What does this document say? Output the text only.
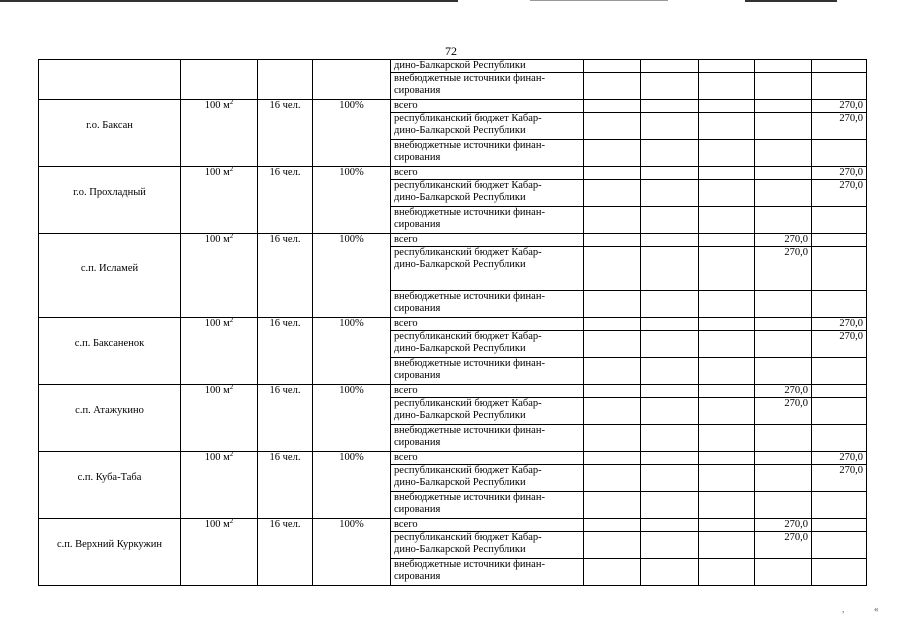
72
				дино-Балкарской Республики					
				внебюджетные источники финан-
сирования					
г.о. Баксан	100 $м^2$	16 чел.	100%	всего					270,0
				республиканский бюджет Кабар-
дино-Балкарской Республики					270,0
				внебюджетные источники финан-
сирования					
г.о. Прохладный	100 $м^2$	16 чел.	100%	всего					270,0
				республиканский бюджет Кабар-
дино-Балкарской Республики					270,0
				внебюджетные источники финан-
сирования					
с.п. Исламей	100 $м^2$	16 чел.	100%	всего				270,0	
				республиканский бюджет Кабар-
дино-Балкарской Республики				270,0	
				внебюджетные источники финан-
сирования					
с.п. Баксаненок	100 $м^2$	16 чел.	100%	всего					270,0
				республиканский бюджет Кабар-
дино-Балкарской Республики					270,0
				внебюджетные источники финан-
сирования					
с.п. Атажукино	100 $м^2$	16 чел.	100%	всего				270,0	
				республиканский бюджет Кабар-
дино-Балкарской Республики				270,0	
				внебюджетные источники финан-
сирования					
с.п. Куба-Таба	100 $м^2$	16 чел.	100%	всего					270,0
				республиканский бюджет Кабар-
дино-Балкарской Республики					270,0
				внебюджетные источники финан-
сирования					
с.п. Верхний Куркужин	100 $м^2$	16 чел.	100%	всего				270,0	
				республиканский бюджет Кабар-
дино-Балкарской Республики				270,0	
				внебюджетные источники финан-
сирования					
,	«
